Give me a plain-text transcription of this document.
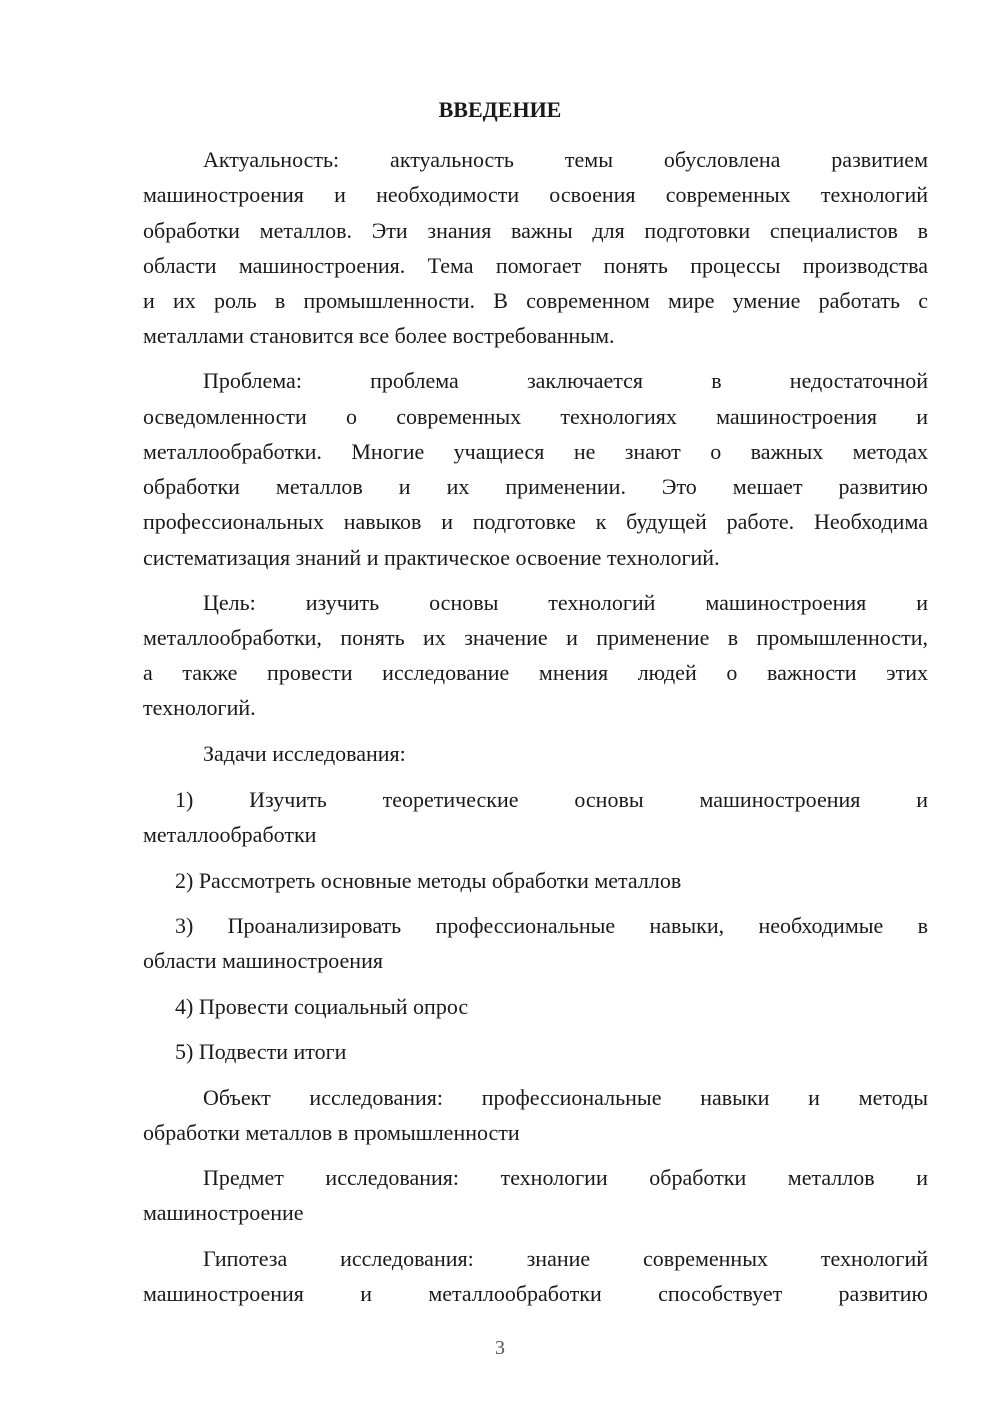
ВВЕДЕНИЕ
Актуальность: актуальность темы обусловлена развитием
машиностроения и необходимости освоения современных технологий
обработки металлов. Эти знания важны для подготовки специалистов в
области машиностроения. Тема помогает понять процессы производства
и их роль в промышленности. В современном мире умение работать с
металлами становится все более востребованным.
Проблема: проблема заключается в недостаточной
осведомленности о современных технологиях машиностроения и
металлообработки. Многие учащиеся не знают о важных методах
обработки металлов и их применении. Это мешает развитию
профессиональных навыков и подготовке к будущей работе. Необходима
систематизация знаний и практическое освоение технологий.
Цель: изучить основы технологий машиностроения и
металлообработки, понять их значение и применение в промышленности,
а также провести исследование мнения людей о важности этих
технологий.
Задачи исследования:
1) Изучить теоретические основы машиностроения и
металлообработки
2) Рассмотреть основные методы обработки металлов
3) Проанализировать профессиональные навыки, необходимые в
области машиностроения
4) Провести социальный опрос
5) Подвести итоги
Объект исследования: профессиональные навыки и методы
обработки металлов в промышленности
Предмет исследования: технологии обработки металлов и
машиностроение
Гипотеза исследования: знание современных технологий
машиностроения и металлообработки способствует развитию
3
